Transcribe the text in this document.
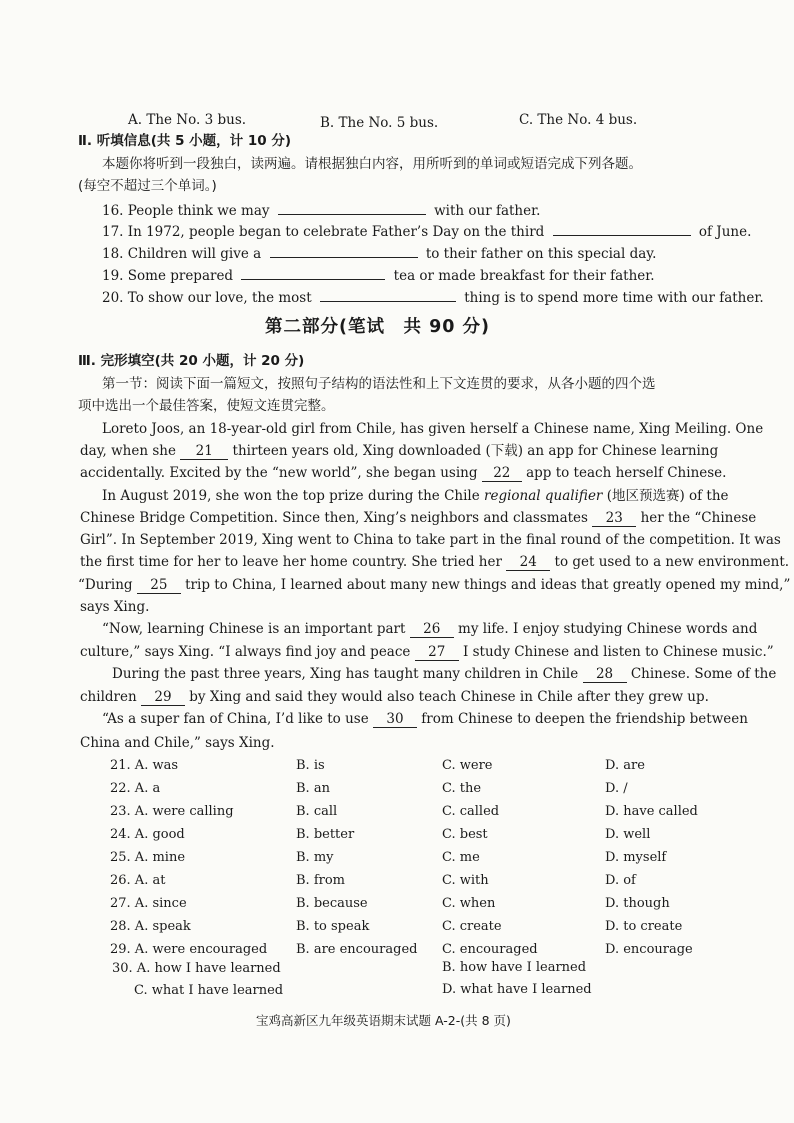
A. The No. 3 bus.	B. The No. 5 bus.	C. The No. 4 bus.
Ⅱ. 听填信息(共 5 小题，计 10 分)
本题你将听到一段独白，读两遍。请根据独白内容，用所听到的单词或短语完成下列各题。
(每空不超过三个单词。)
16. People think we may	with our father.
17. In 1972, people began to celebrate Father’s Day on the third	of June.
18. Children will give a	to their father on this special day.
19. Some prepared	tea or made breakfast for their father.
20. To show our love, the most	thing is to spend more time with our father.
第二部分(笔试　共 90 分)
Ⅲ. 完形填空(共 20 小题，计 20 分)
第一节：阅读下面一篇短文，按照句子结构的语法性和上下文连贯的要求，从各小题的四个选
项中选出一个最佳答案，使短文连贯完整。
Loreto Joos, an 18-year-old girl from Chile, has given herself a Chinese name, Xing Meiling. One
day, when she 21 thirteen years old, Xing downloaded (下载) an app for Chinese learning
accidentally. Excited by the “new world”, she began using 22 app to teach herself Chinese.
In August 2019, she won the top prize during the Chile regional qualifier (地区预选赛) of the
Chinese Bridge Competition. Since then, Xing’s neighbors and classmates 23 her the “Chinese
Girl”. In September 2019, Xing went to China to take part in the final round of the competition. It was
the first time for her to leave her home country. She tried her 24 to get used to a new environment.
“During 25 trip to China, I learned about many new things and ideas that greatly opened my mind,”
says Xing.
“Now, learning Chinese is an important part 26 my life. I enjoy studying Chinese words and
culture,” says Xing. “I always find joy and peace 27 I study Chinese and listen to Chinese music.”
During the past three years, Xing has taught many children in Chile 28 Chinese. Some of the
children 29 by Xing and said they would also teach Chinese in Chile after they grew up.
“As a super fan of China, I’d like to use 30 from Chinese to deepen the friendship between
China and Chile,” says Xing.
21. A. was	B. is	C. were	D. are
22. A. a	B. an	C. the	D. /
23. A. were calling	B. call	C. called	D. have called
24. A. good	B. better	C. best	D. well
25. A. mine	B. my	C. me	D. myself
26. A. at	B. from	C. with	D. of
27. A. since	B. because	C. when	D. though
28. A. speak	B. to speak	C. create	D. to create
29. A. were encouraged B. are encouraged C. encouraged	D. encourage
30. A. how I have learned	B. how have I learned
C. what I have learned	D. what have I learned
宝鸡高新区九年级英语期末试题 A-2-(共 8 页)
